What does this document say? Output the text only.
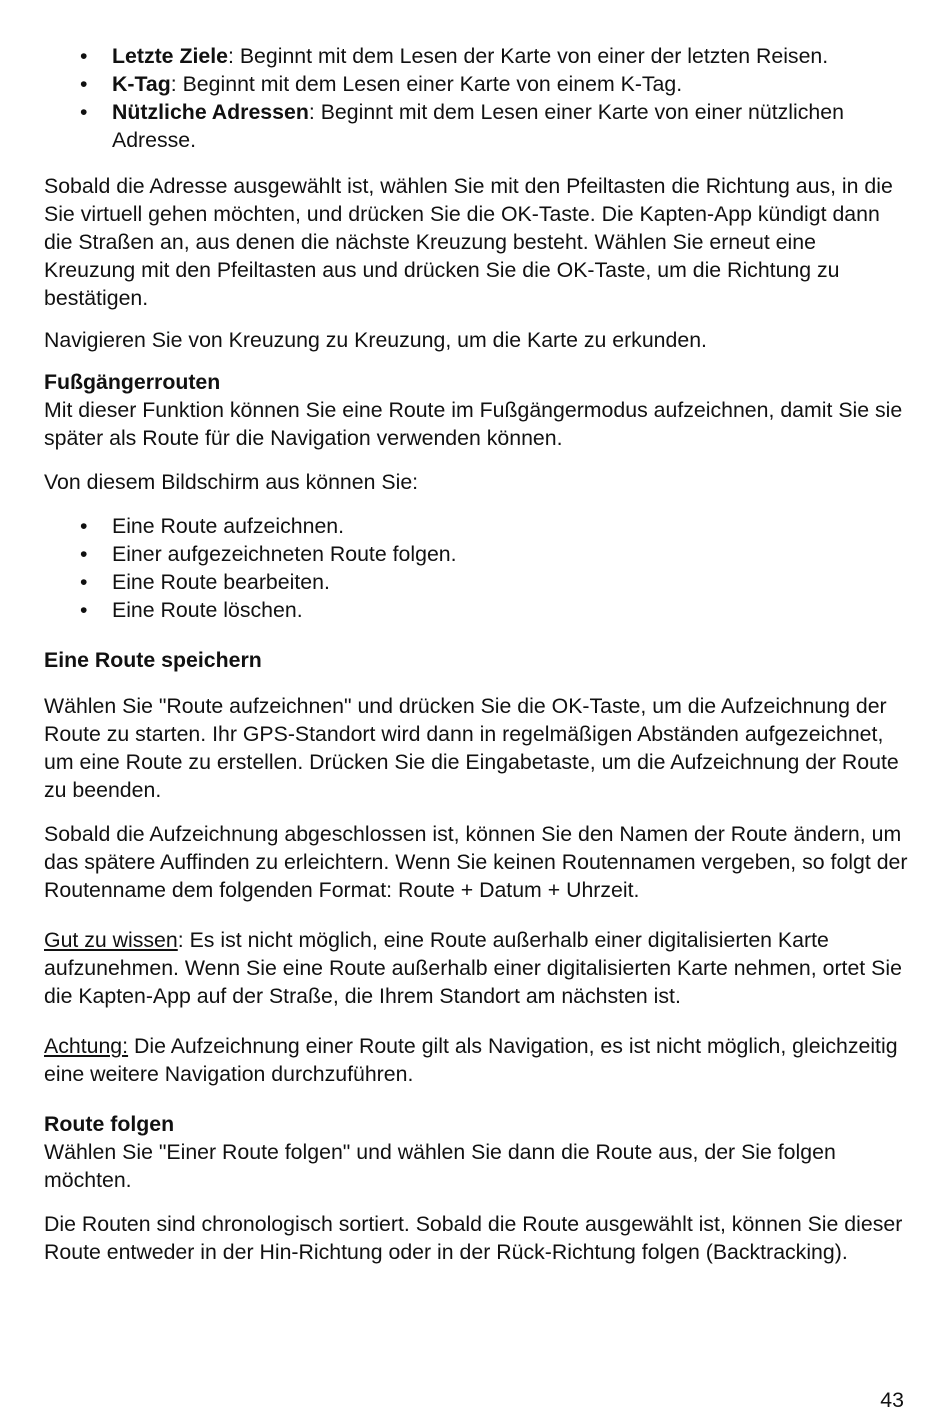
• Letzte Ziele: Beginnt mit dem Lesen der Karte von einer der letzten Reisen.
• K-Tag: Beginnt mit dem Lesen einer Karte von einem K-Tag.
• Nützliche Adressen: Beginnt mit dem Lesen einer Karte von einer nützlichen Adresse.

Sobald die Adresse ausgewählt ist, wählen Sie mit den Pfeiltasten die Richtung aus, in die Sie virtuell gehen möchten, und drücken Sie die OK-Taste. Die Kapten-App kündigt dann die Straßen an, aus denen die nächste Kreuzung besteht. Wählen Sie erneut eine Kreuzung mit den Pfeiltasten aus und drücken Sie die OK-Taste, um die Richtung zu bestätigen.

Navigieren Sie von Kreuzung zu Kreuzung, um die Karte zu erkunden.

Fußgängerrouten

Mit dieser Funktion können Sie eine Route im Fußgängermodus aufzeichnen, damit Sie sie später als Route für die Navigation verwenden können.

Von diesem Bildschirm aus können Sie:

• Eine Route aufzeichnen.
• Einer aufgezeichneten Route folgen.
• Eine Route bearbeiten.
• Eine Route löschen.

Eine Route speichern

Wählen Sie "Route aufzeichnen" und drücken Sie die OK-Taste, um die Aufzeichnung der Route zu starten. Ihr GPS-Standort wird dann in regelmäßigen Abständen aufgezeichnet, um eine Route zu erstellen. Drücken Sie die Eingabetaste, um die Aufzeichnung der Route zu beenden.

Sobald die Aufzeichnung abgeschlossen ist, können Sie den Namen der Route ändern, um das spätere Auffinden zu erleichtern. Wenn Sie keinen Routennamen vergeben, so folgt der Routenname dem folgenden Format: Route + Datum + Uhrzeit.

Gut zu wissen: Es ist nicht möglich, eine Route außerhalb einer digitalisierten Karte aufzunehmen. Wenn Sie eine Route außerhalb einer digitalisierten Karte nehmen, ortet Sie die Kapten-App auf der Straße, die Ihrem Standort am nächsten ist.

Achtung: Die Aufzeichnung einer Route gilt als Navigation, es ist nicht möglich, gleichzeitig eine weitere Navigation durchzuführen.

Route folgen

Wählen Sie "Einer Route folgen" und wählen Sie dann die Route aus, der Sie folgen möchten.

Die Routen sind chronologisch sortiert. Sobald die Route ausgewählt ist, können Sie dieser Route entweder in der Hin-Richtung oder in der Rück-Richtung folgen (Backtracking).

43
